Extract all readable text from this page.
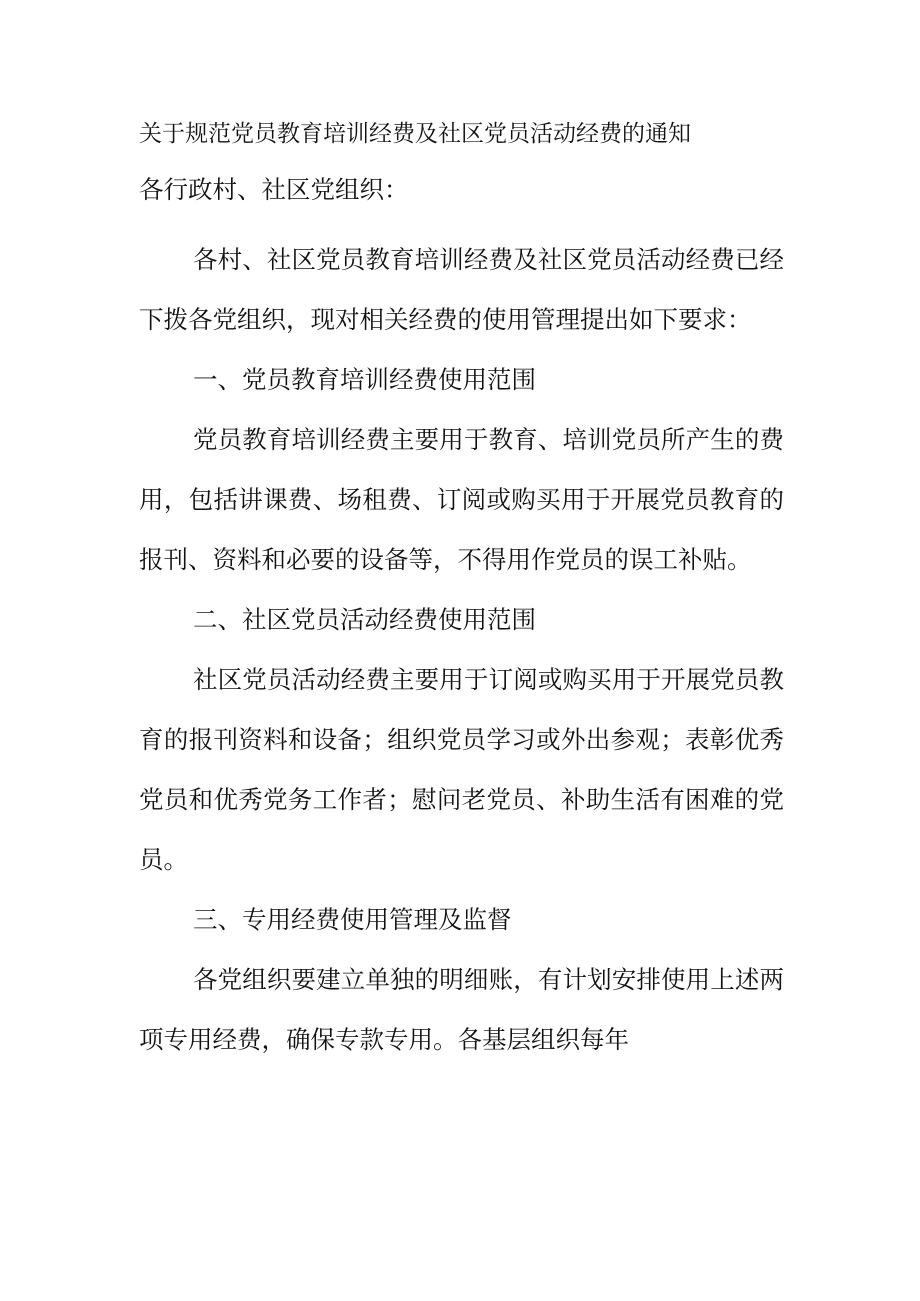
关于规范党员教育培训经费及社区党员活动经费的通知
各行政村、社区党组织：

各村、社区党员教育培训经费及社区党员活动经费已经下拨各党组织，现对相关经费的使用管理提出如下要求：

一、党员教育培训经费使用范围

党员教育培训经费主要用于教育、培训党员所产生的费用，包括讲课费、场租费、订阅或购买用于开展党员教育的报刊、资料和必要的设备等，不得用作党员的误工补贴。

二、社区党员活动经费使用范围

社区党员活动经费主要用于订阅或购买用于开展党员教育的报刊资料和设备；组织党员学习或外出参观；表彰优秀党员和优秀党务工作者；慰问老党员、补助生活有困难的党员。

三、专用经费使用管理及监督

各党组织要建立单独的明细账，有计划安排使用上述两项专用经费，确保专款专用。各基层组织每年
